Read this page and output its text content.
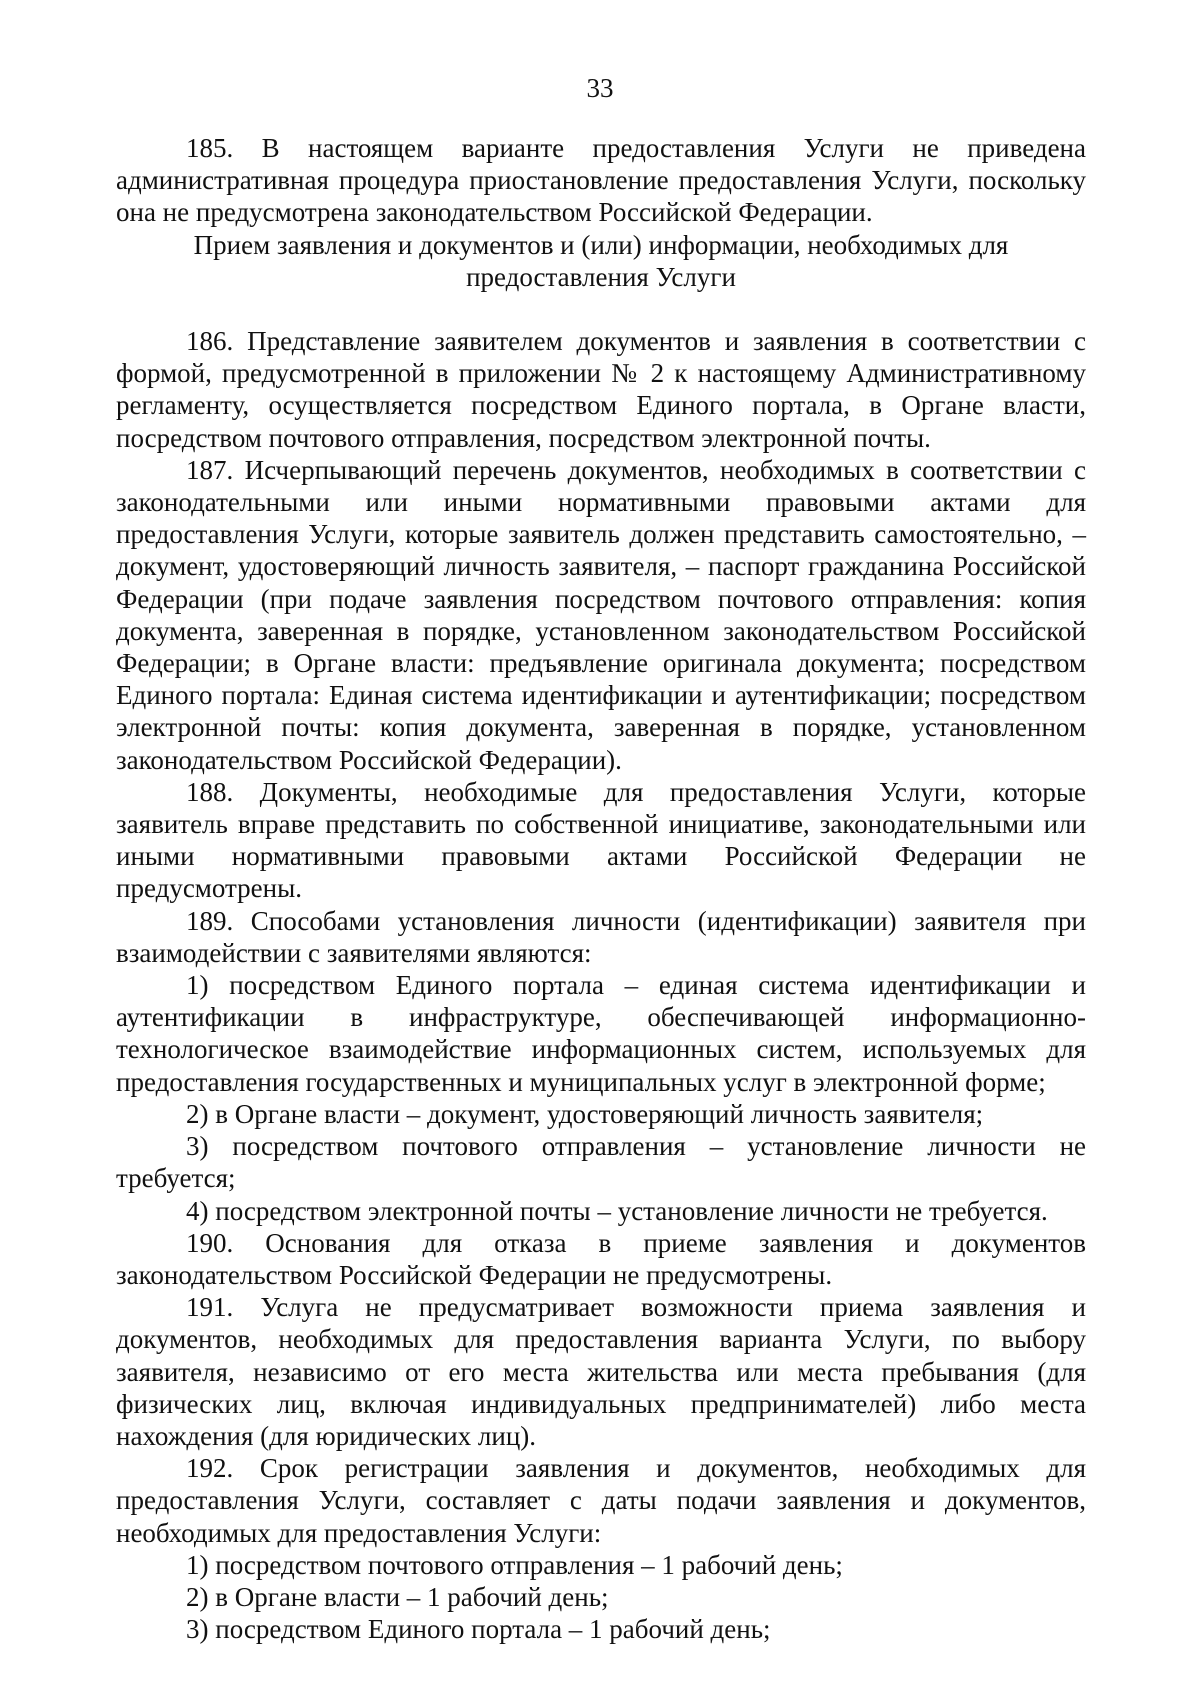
33

185. В настоящем варианте предоставления Услуги не приведена административная процедура приостановление предоставления Услуги, поскольку она не предусмотрена законодательством Российской Федерации.

Прием заявления и документов и (или) информации, необходимых для
предоставления Услуги

186. Представление заявителем документов и заявления в соответствии с формой, предусмотренной в приложении № 2 к настоящему Административному регламенту, осуществляется посредством Единого портала, в Органе власти, посредством почтового отправления, посредством электронной почты.

187. Исчерпывающий перечень документов, необходимых в соответствии с законодательными или иными нормативными правовыми актами для предоставления Услуги, которые заявитель должен представить самостоятельно, – документ, удостоверяющий личность заявителя, – паспорт гражданина Российской Федерации (при подаче заявления посредством почтового отправления: копия документа, заверенная в порядке, установленном законодательством Российской Федерации; в Органе власти: предъявление оригинала документа; посредством Единого портала: Единая система идентификации и аутентификации; посредством электронной почты: копия документа, заверенная в порядке, установленном законодательством Российской Федерации).

188. Документы, необходимые для предоставления Услуги, которые заявитель вправе представить по собственной инициативе, законодательными или иными нормативными правовыми актами Российской Федерации не предусмотрены.

189. Способами установления личности (идентификации) заявителя при взаимодействии с заявителями являются:

1) посредством Единого портала – единая система идентификации и аутентификации в инфраструктуре, обеспечивающей информационно-технологическое взаимодействие информационных систем, используемых для предоставления государственных и муниципальных услуг в электронной форме;

2) в Органе власти – документ, удостоверяющий личность заявителя;

3) посредством почтового отправления – установление личности не требуется;

4) посредством электронной почты – установление личности не требуется.

190. Основания для отказа в приеме заявления и документов законодательством Российской Федерации не предусмотрены.

191. Услуга не предусматривает возможности приема заявления и документов, необходимых для предоставления варианта Услуги, по выбору заявителя, независимо от его места жительства или места пребывания (для физических лиц, включая индивидуальных предпринимателей) либо места нахождения (для юридических лиц).

192. Срок регистрации заявления и документов, необходимых для предоставления Услуги, составляет с даты подачи заявления и документов, необходимых для предоставления Услуги:

1) посредством почтового отправления – 1 рабочий день;

2) в Органе власти – 1 рабочий день;

3) посредством Единого портала – 1 рабочий день;
